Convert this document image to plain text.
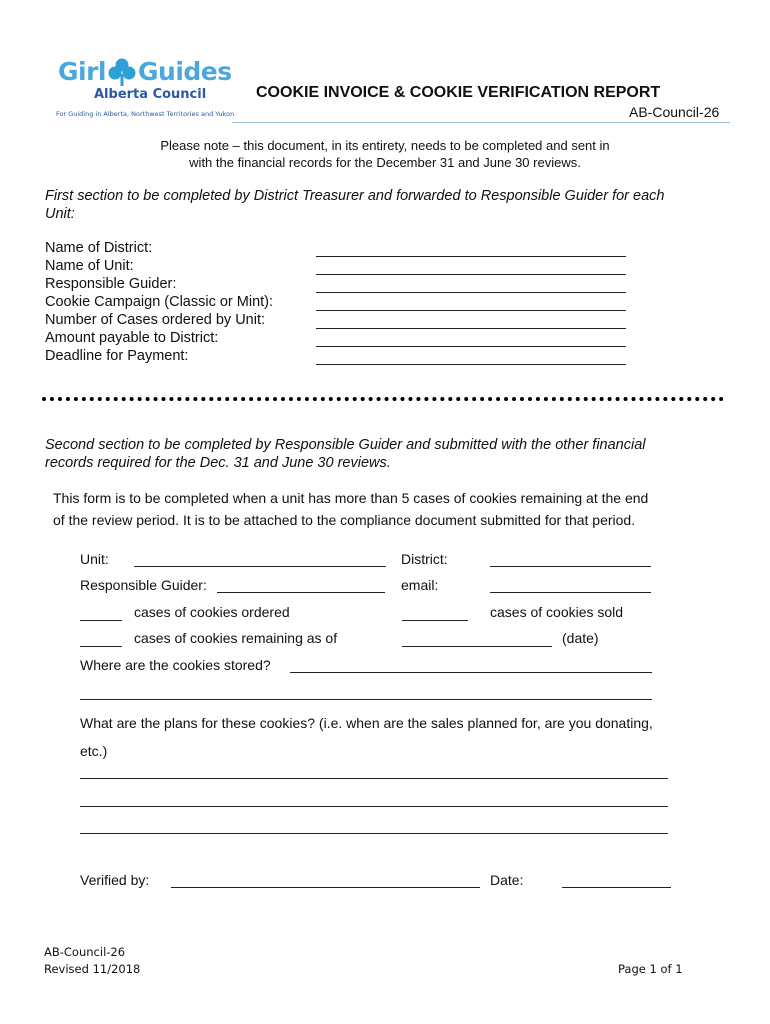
Girl Guides
Alberta Council
For Guiding in Alberta, Northwest Territories and Yukon
COOKIE INVOICE & COOKIE VERIFICATION REPORT
AB-Council-26
Please note – this document, in its entirety, needs to be completed and sent in
with the financial records for the December 31 and June 30 reviews.
First section to be completed by District Treasurer and forwarded to Responsible Guider for each
Unit:
Name of District:
Name of Unit:
Responsible Guider:
Cookie Campaign (Classic or Mint):
Number of Cases ordered by Unit:
Amount payable to District:
Deadline for Payment:
Second section to be completed by Responsible Guider and submitted with the other financial
records required for the Dec. 31 and June 30 reviews.
This form is to be completed when a unit has more than 5 cases of cookies remaining at the end
of the review period. It is to be attached to the compliance document submitted for that period.
Unit:	District:
Responsible Guider:	email:
cases of cookies ordered	cases of cookies sold
cases of cookies remaining as of	(date)
Where are the cookies stored?
What are the plans for these cookies? (i.e. when are the sales planned for, are you donating,
etc.)
Verified by:	Date:
AB-Council-26
Revised 11/2018	Page 1 of 1
